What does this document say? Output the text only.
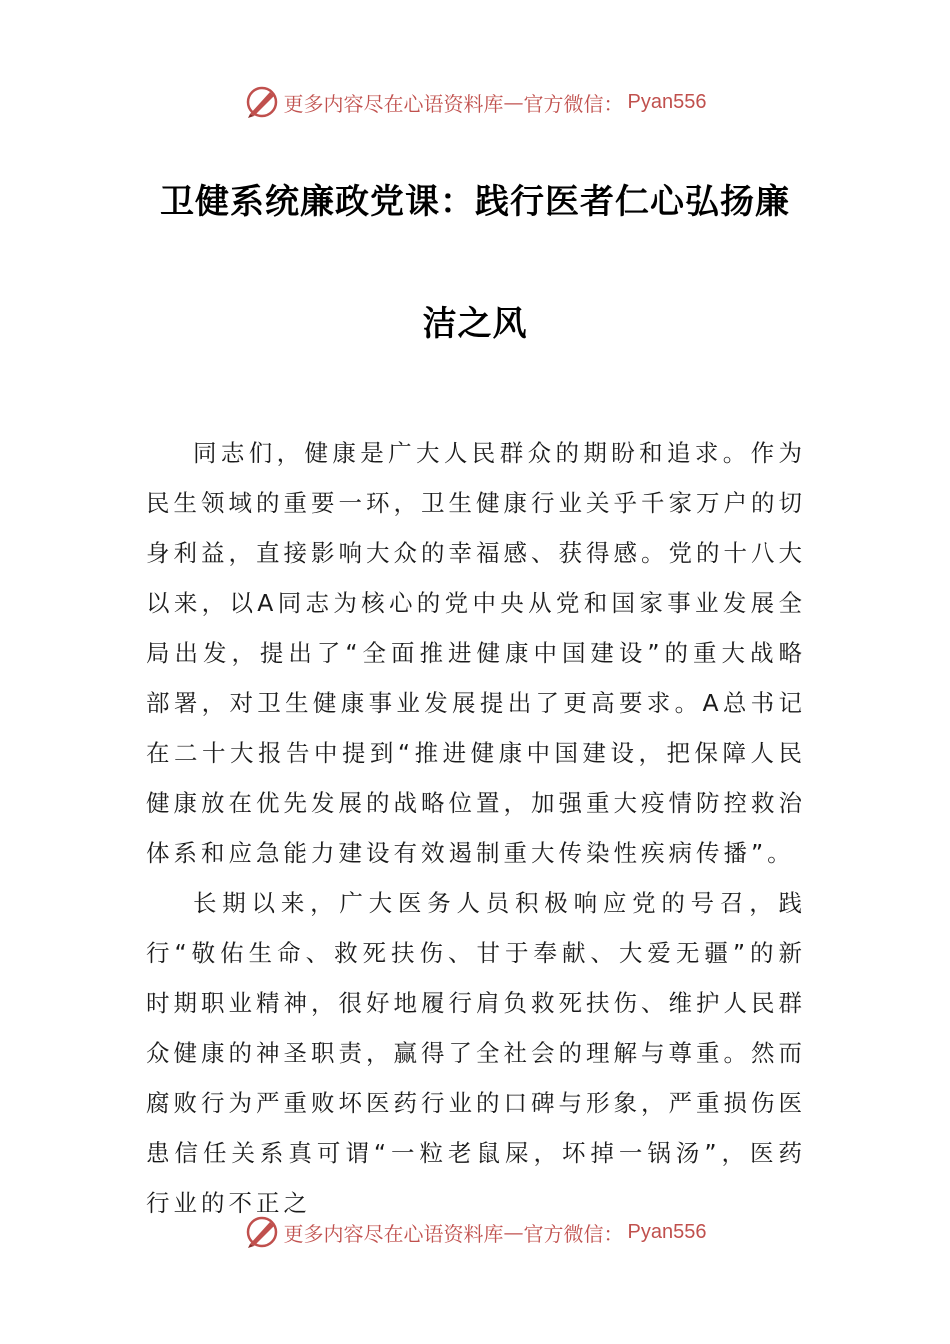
更多内容尽在心语资料库 — 官方微信： Pyan556
卫健系统廉政党课：践行医者仁心弘扬廉
洁之风

同志们，健康是广大人民群众的期盼和追求。作为民生领域的重要一环，卫生健康行业关乎千家万户的切身利益，直接影响大众的幸福感、获得感。党的十八大以来，以A同志为核心的党中央从党和国家事业发展全局出发，提出了“全面推进健康中国建设”的重大战略部署，对卫生健康事业发展提出了更高要求。A总书记在二十大报告中提到“推进健康中国建设，把保障人民健康放在优先发展的战略位置，加强重大疫情防控救治体系和应急能力建设有效遏制重大传染性疾病传播”。

长期以来，广大医务人员积极响应党的号召，践行“敬佑生命、救死扶伤、甘于奉献、大爱无疆”的新时期职业精神，很好地履行肩负救死扶伤、维护人民群众健康的神圣职责，赢得了全社会的理解与尊重。然而腐败行为严重败坏医药行业的口碑与形象，严重损伤医患信任关系真可谓“一粒老鼠屎，坏掉一锅汤”，医药行业的不正之

更多内容尽在心语资料库 — 官方微信： Pyan556
